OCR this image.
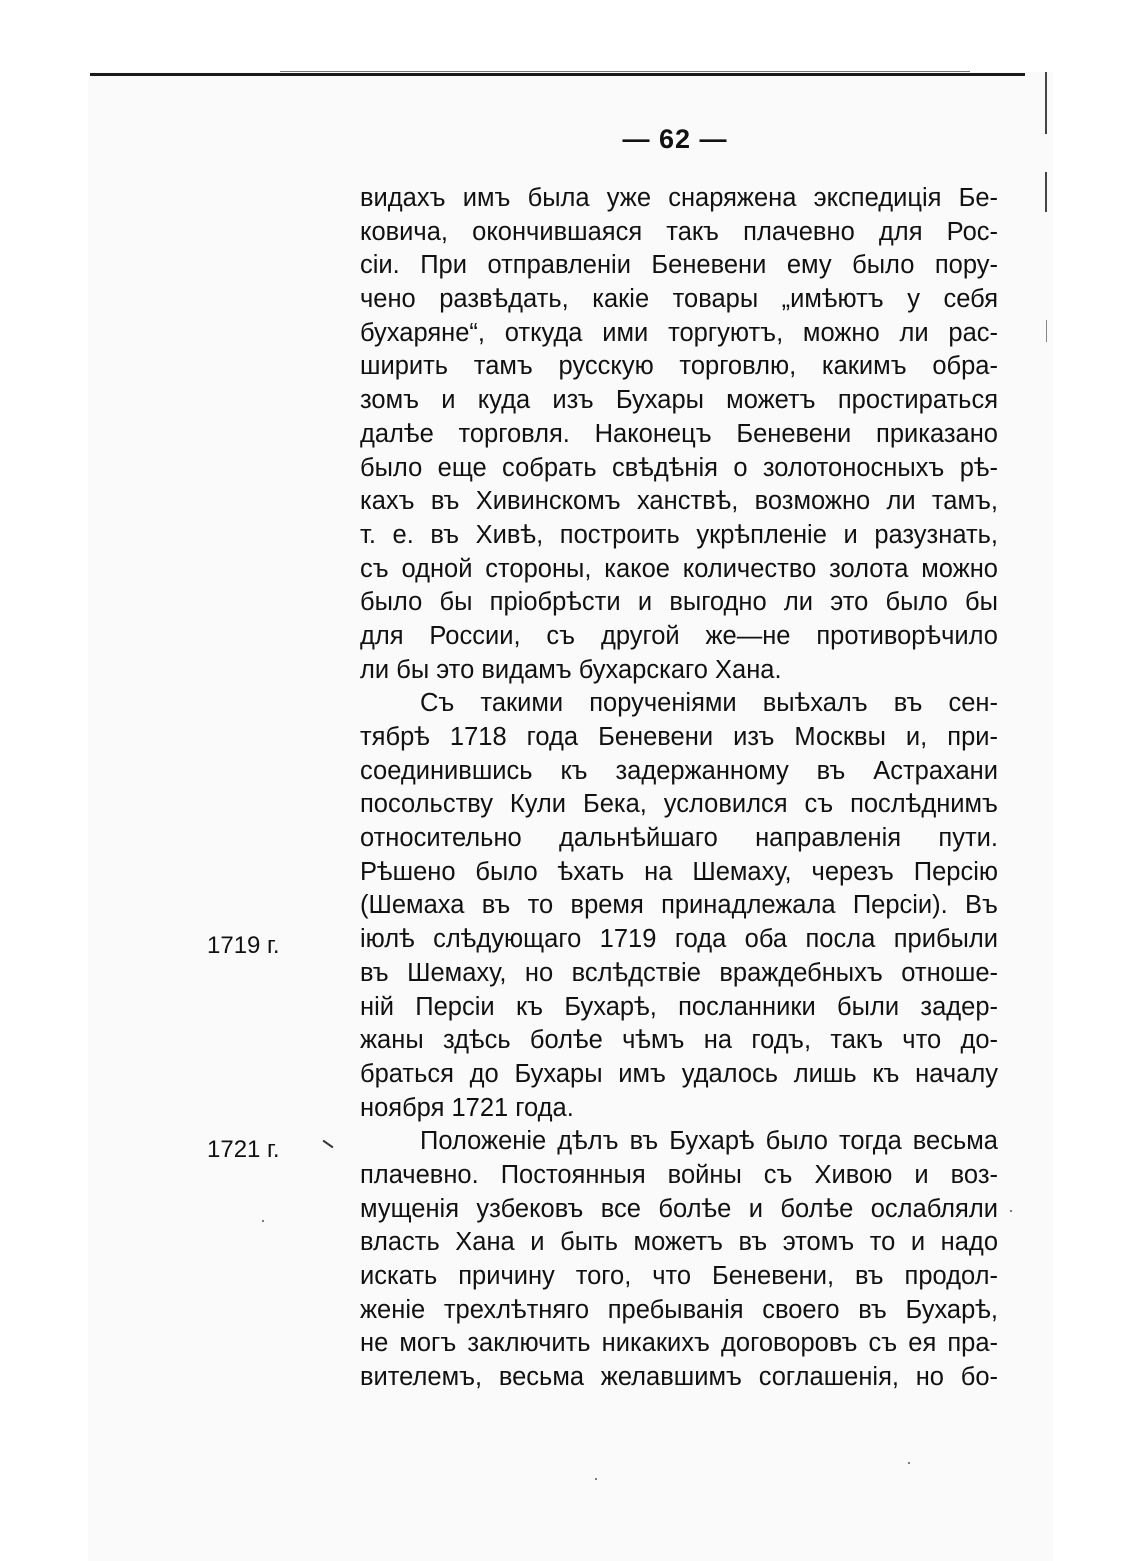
— 62 —
1719 г.
1721 г.
видахъ имъ была уже снаряжена экспедиція Бе-
ковича, окончившаяся такъ плачевно для Рос-
сіи. При отправленіи Беневени ему было пору-
чено развѣдать, какіе товары „имѣютъ у себя
бухаряне“, откуда ими торгуютъ, можно ли рас-
ширить тамъ русскую торговлю, какимъ обра-
зомъ и куда изъ Бухары можетъ простираться
далѣе торговля. Наконецъ Беневени приказано
было еще собрать свѣдѣнія о золотоносныхъ рѣ-
кахъ въ Хивинскомъ ханствѣ, возможно ли тамъ,
т. е. въ Хивѣ, построить укрѣпленіе и разузнать,
съ одной стороны, какое количество золота можно
было бы пріобрѣсти и выгодно ли это было бы
для России, съ другой же—не противорѣчило
ли бы это видамъ бухарскаго Хана.
Съ такими порученіями выѣхалъ въ сен-
тябрѣ 1718 года Беневени изъ Москвы и, при-
соединившись къ задержанному въ Астрахани
посольству Кули Бека, условился съ послѣднимъ
относительно дальнѣйшаго направленія пути.
Рѣшено было ѣхать на Шемаху, черезъ Персію
(Шемаха въ то время принадлежала Персіи). Въ
іюлѣ слѣдующаго 1719 года оба посла прибыли
въ Шемаху, но вслѣдствіе враждебныхъ отноше-
ній Персіи къ Бухарѣ, посланники были задер-
жаны здѣсь болѣе чѣмъ на годъ, такъ что до-
браться до Бухары имъ удалось лишь къ началу
ноября 1721 года.
Положеніе дѣлъ въ Бухарѣ было тогда весьма
плачевно. Постоянныя войны съ Хивою и воз-
мущенія узбековъ все болѣе и болѣе ослабляли
власть Хана и быть можетъ въ этомъ то и надо
искать причину того, что Беневени, въ продол-
женіе трехлѣтняго пребыванія своего въ Бухарѣ,
не могъ заключить никакихъ договоровъ съ ея пра-
вителемъ, весьма желавшимъ соглашенія, но бо-
